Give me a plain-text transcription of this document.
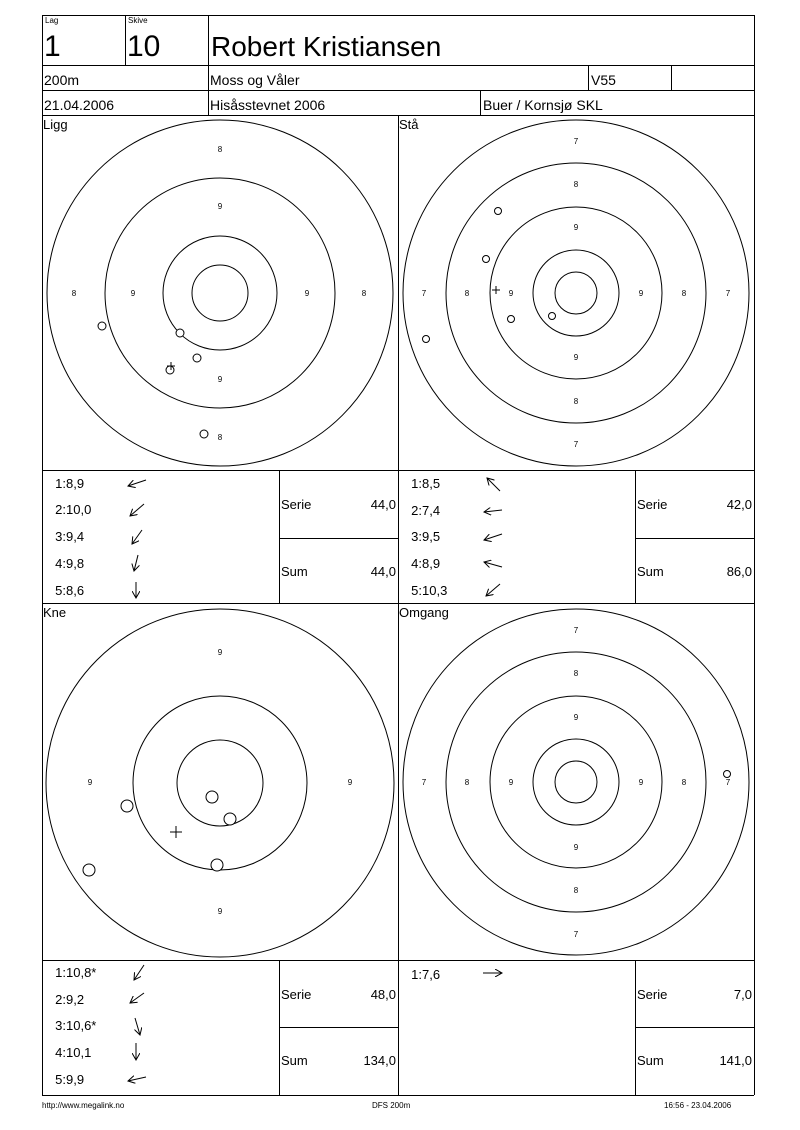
Lag
1
Skive
10 Robert Kristiansen
200m	Moss og Våler	V55
21.04.2006	Hisåsstevnet 2006	Buer / Kornsjø SKL
Ligg	Stå
Kne	Omgang
8
8	8
8
9
9	9
9
7
7	7
7
8
8	8
8
9
9	9
9
9
9	9
9
7
7	7
7
8
8	8
8
9
9	9
9
1:8,9
2:10,0
3:9,4
4:9,8
5:8,6
1:8,5
2:7,4
3:9,5
4:8,9
5:10,3
1:10,8*
2:9,2
3:10,6*
4:10,1
5:9,9
1:7,6
Serie	44,0
Sum	44,0
Serie	42,0
Sum	86,0
Serie	48,0
Sum	134,0
Serie	7,0
Sum	141,0
http://www.megalink.no	DFS 200m	16:56 - 23.04.2006
